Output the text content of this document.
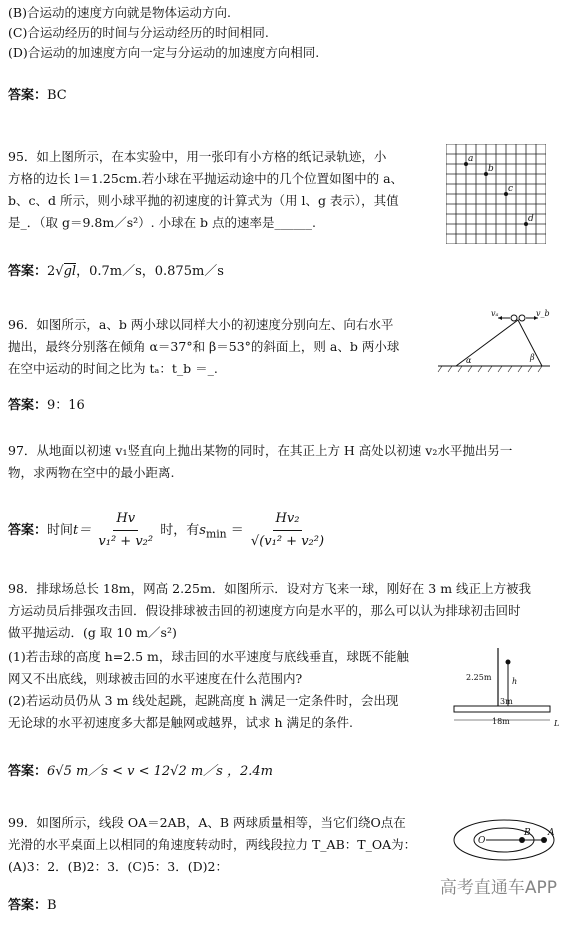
(B)合运动的速度方向就是物体运动方向.
(C)合运动经历的时间与分运动经历的时间相同.
(D)合运动的加速度方向一定与分运动的加速度方向相同.
答案：BC
95．如上图所示，在本实验中，用一张印有小方格的纸记录轨迹，小
方格的边长 l＝1.25cm.若小球在平抛运动途中的几个位置如图中的 a、
b、c、d 所示，则小球平抛的初速度的计算式为（用 l、g 表示），其值
是_．（取 g＝9.8m／s²）. 小球在 b 点的速率是______.
a
b
c
d
答案：2√gl，0.7m／s，0.875m／s
96．如图所示，a、b 两小球以同样大小的初速度分别向左、向右水平
抛出，最终分别落在倾角 α＝37°和 β＝53°的斜面上，则 a、b 两小球
在空中运动的时间之比为 tₐ：t_b ＝_.
vₐ	v_b
α	β
答案：9：16
97．从地面以初速 v₁竖直向上抛出某物的同时，在其正上方 H 高处以初速 v₂水平抛出另一
物，求两物在空中的最小距离.
答案：时间$t= \frac{Hv}{\text{v₁² + v₂²}}$ 时，有$s_{min} = \frac{\text{Hv₂}}{\text{√(v₁² + v₂²)}}$
98．排球场总长 18m，网高 2.25m．如图所示．设对方飞来一球，刚好在 3 m 线正上方被我
方运动员后排强攻击回．假设排球被击回的初速度方向是水平的，那么可以认为排球初击回时
做平抛运动．(g 取 10 m／s²)
(1)若击球的高度 h=2.5 m，球击回的水平速度与底线垂直，球既不能触
网又不出底线，则球被击回的水平速度在什么范围内?
(2)若运动员仍从 3 m 线处起跳，起跳高度 h 满足一定条件时，会出现
无论球的水平初速度多大都是触网或越界，试求 h 满足的条件.
2.25m	h
3m
18m	L
答案：6√5 m／s < v < 12√2 m／s ，2.4m
99．如图所示，线段 OA＝2AB，A、B 两球质量相等，当它们绕O点在
光滑的水平桌面上以相同的角速度转动时，两线段拉力 T_AB：T_OA为：
(A)3：2．(B)2：3．(C)5：3．(D)2：
O
B A
答案：B
高考直通车APP
